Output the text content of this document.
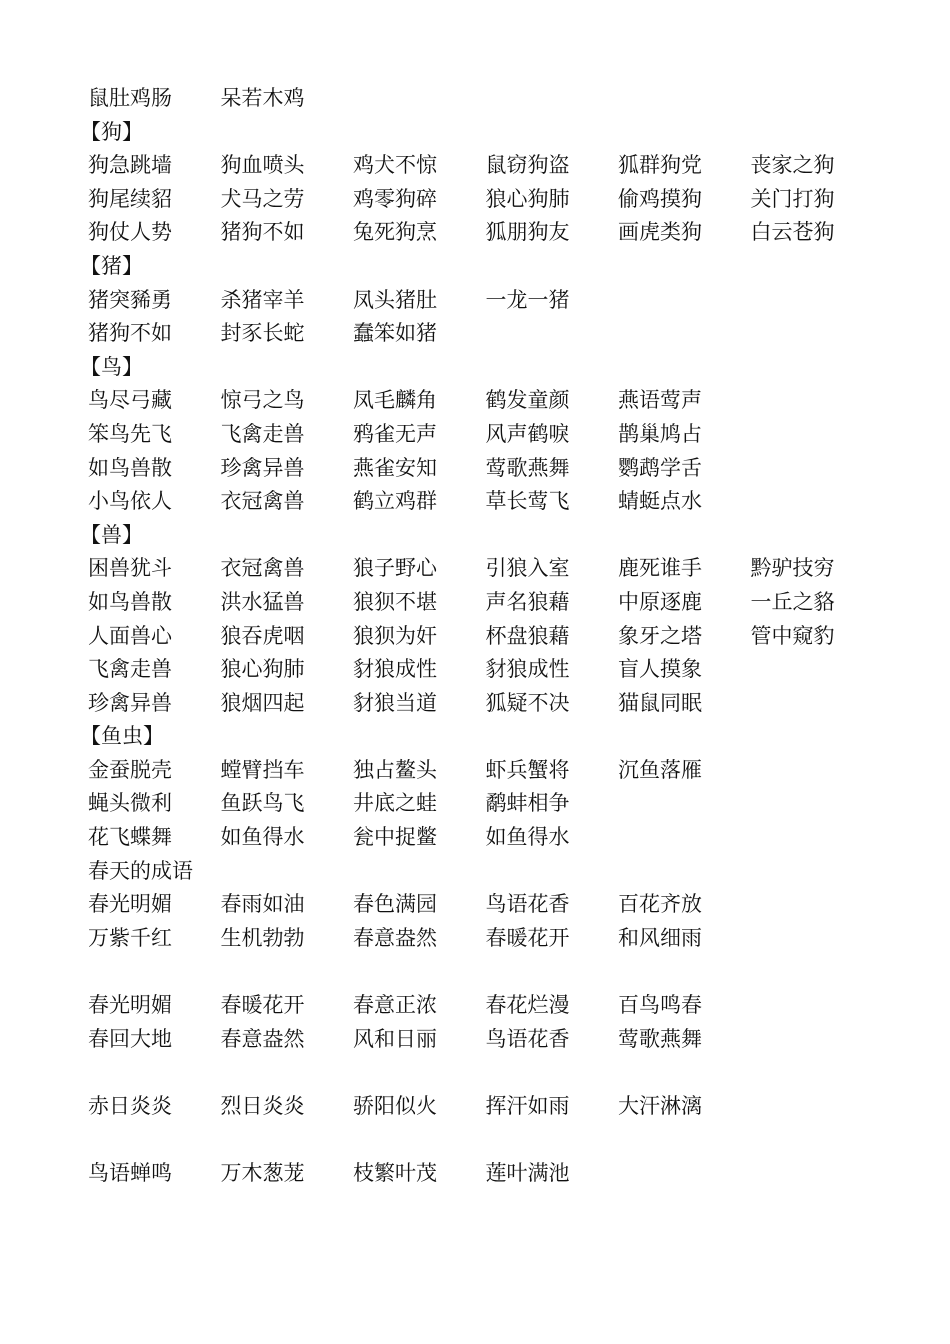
鼠肚鸡肠	呆若木鸡
【狗】
狗急跳墙	狗血喷头	鸡犬不惊	鼠窃狗盗	狐群狗党	丧家之狗
狗尾续貂	犬马之劳	鸡零狗碎	狼心狗肺	偷鸡摸狗	关门打狗
狗仗人势	猪狗不如	兔死狗烹	狐朋狗友	画虎类狗	白云苍狗
【猪】
猪突豨勇	杀猪宰羊	凤头猪肚	一龙一猪
猪狗不如	封豕长蛇	蠢笨如猪
【鸟】
鸟尽弓藏	惊弓之鸟	凤毛麟角	鹤发童颜	燕语莺声
笨鸟先飞	飞禽走兽	鸦雀无声	风声鹤唳	鹊巢鸠占
如鸟兽散	珍禽异兽	燕雀安知	莺歌燕舞	鹦鹉学舌
小鸟依人	衣冠禽兽	鹤立鸡群	草长莺飞	蜻蜓点水
【兽】
困兽犹斗	衣冠禽兽	狼子野心	引狼入室	鹿死谁手	黔驴技穷
如鸟兽散	洪水猛兽	狼狈不堪	声名狼藉	中原逐鹿	一丘之貉
人面兽心	狼吞虎咽	狼狈为奸	杯盘狼藉	象牙之塔	管中窥豹
飞禽走兽	狼心狗肺	豺狼成性	豺狼成性	盲人摸象
珍禽异兽	狼烟四起	豺狼当道	狐疑不决	猫鼠同眠
【鱼虫】
金蚕脱壳	螳臂挡车	独占鳌头	虾兵蟹将	沉鱼落雁
蝇头微利	鱼跃鸟飞	井底之蛙	鹬蚌相争
花飞蝶舞	如鱼得水	瓮中捉鳖	如鱼得水
春天的成语
春光明媚	春雨如油	春色满园	鸟语花香	百花齐放
万紫千红	生机勃勃	春意盎然	春暖花开	和风细雨
春光明媚	春暖花开	春意正浓	春花烂漫	百鸟鸣春
春回大地	春意盎然	风和日丽	鸟语花香	莺歌燕舞
赤日炎炎	烈日炎炎	骄阳似火	挥汗如雨	大汗淋漓
鸟语蝉鸣	万木葱茏	枝繁叶茂	莲叶满池
